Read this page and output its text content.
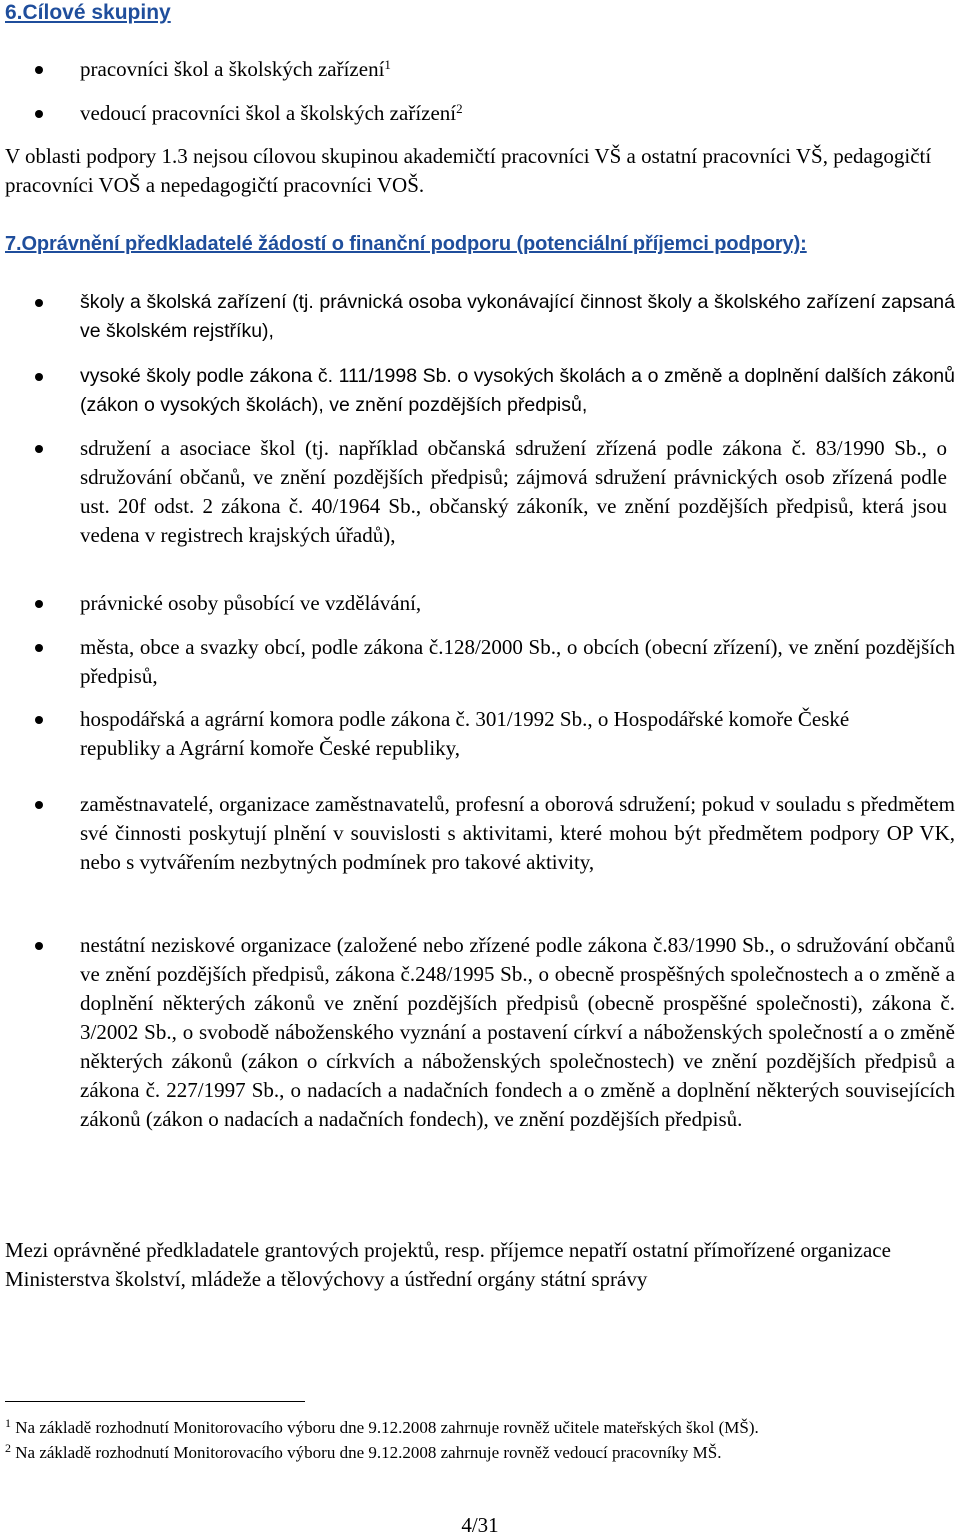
6.Cílové skupiny
pracovníci škol a školských zařízení$^1$
vedoucí pracovníci škol a školských zařízení$^2$
V oblasti podpory 1.3 nejsou cílovou skupinou akademičtí pracovníci VŠ a ostatní pracovníci VŠ, pedagogičtí pracovníci VOŠ a nepedagogičtí pracovníci VOŠ.
7.Oprávnění předkladatelé žádostí o finanční podporu (potenciální příjemci podpory):
školy a školská zařízení (tj. právnická osoba vykonávající činnost školy a školského zařízení zapsaná ve školském rejstříku),
vysoké školy podle zákona č. 111/1998 Sb. o vysokých školách a o změně a doplnění dalších zákonů (zákon o vysokých školách), ve znění pozdějších předpisů,
sdružení a asociace škol (tj. například občanská sdružení zřízená podle zákona č. 83/1990 Sb., o sdružování občanů, ve znění pozdějších předpisů; zájmová sdružení právnických osob zřízená podle ust. 20f odst. 2 zákona č. 40/1964 Sb., občanský zákoník, ve znění pozdějších předpisů, která jsou vedena v registrech krajských úřadů),
právnické osoby působící ve vzdělávání,
města, obce a svazky obcí, podle zákona č.128/2000 Sb., o obcích (obecní zřízení), ve znění pozdějších předpisů,
hospodářská a agrární komora podle zákona č. 301/1992 Sb., o Hospodářské komoře České republiky a Agrární komoře České republiky,
zaměstnavatelé, organizace zaměstnavatelů, profesní a oborová sdružení; pokud v souladu s předmětem své činnosti poskytují plnění v souvislosti s aktivitami, které mohou být předmětem podpory OP VK, nebo s vytvářením nezbytných podmínek pro takové aktivity,
nestátní neziskové organizace (založené nebo zřízené podle zákona č.83/1990 Sb., o sdružování občanů ve znění pozdějších předpisů, zákona č.248/1995 Sb., o obecně prospěšných společnostech a o změně a doplnění některých zákonů ve znění pozdějších předpisů (obecně prospěšné společnosti), zákona č. 3/2002 Sb., o svobodě náboženského vyznání a postavení církví a náboženských společností a o změně některých zákonů (zákon o církvích a náboženských společnostech) ve znění pozdějších předpisů a zákona č. 227/1997 Sb., o nadacích a nadačních fondech a o změně a doplnění některých souvisejících zákonů (zákon o nadacích a nadačních fondech), ve znění pozdějších předpisů.
Mezi oprávněné předkladatele grantových projektů, resp. příjemce nepatří ostatní přímořízené organizace Ministerstva školství, mládeže a tělovýchovy a ústřední orgány státní správy
$^1$ Na základě rozhodnutí Monitorovacího výboru dne 9.12.2008 zahrnuje rovněž učitele mateřských škol (MŠ).
$^2$ Na základě rozhodnutí Monitorovacího výboru dne 9.12.2008 zahrnuje rovněž vedoucí pracovníky MŠ.
4/31
